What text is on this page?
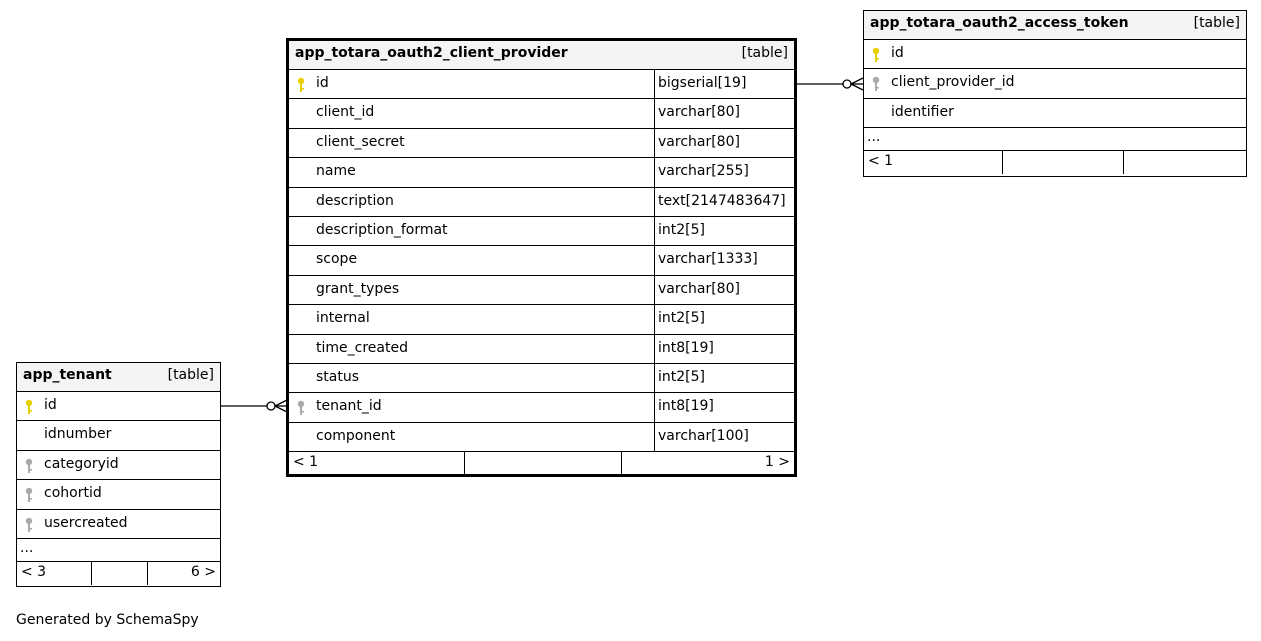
app_totara_oauth2_client_provider	[table]
id	bigserial[19]
client_id	varchar[80]
client_secret	varchar[80]
name	varchar[255]
description	text[2147483647]
description_format	int2[5]
scope	varchar[1333]
grant_types	varchar[80]
internal	int2[5]
time_created	int8[19]
status	int2[5]
tenant_id	int8[19]
component	varchar[100]
< 1	1 >
app_totara_oauth2_access_token	[table]
id
client_provider_id
identifier
...
< 1
app_tenant	[table]
id
idnumber
categoryid
cohortid
usercreated
...
< 3	6 >
Generated by SchemaSpy
